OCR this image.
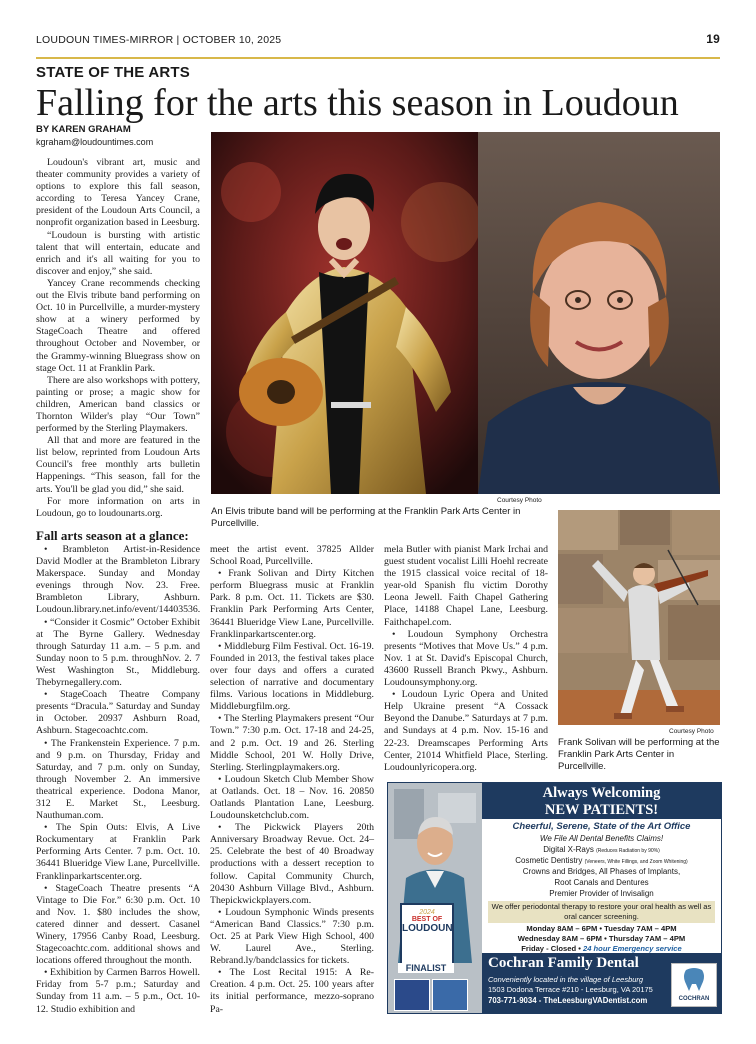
LOUDOUN TIMES-MIRROR | OCTOBER 10, 2025	19
STATE OF THE ARTS
Falling for the arts this season in Loudoun
BY KAREN GRAHAM
kgraham@loudountimes.com

Loudoun's vibrant art, music and theater community provides a variety of options to explore this fall season, according to Teresa Yancey Crane, president of the Loudoun Arts Council, a nonprofit organization based in Leesburg.

“Loudoun is bursting with artistic talent that will entertain, educate and enrich and it's all waiting for you to discover and enjoy,” she said.

Yancey Crane recommends checking out the Elvis tribute band performing on Oct. 10 in Purcellville, a murder-mystery show at a winery performed by StageCoach Theatre and offered throughout October and November, or the Grammy-winning Bluegrass show on stage Oct. 11 at Franklin Park.

There are also workshops with pottery, painting or prose; a magic show for children, American band classics or Thornton Wilder's play “Our Town” performed by the Sterling Playmakers.

All that and more are featured in the list below, reprinted from Loudoun Arts Council's free monthly arts bulletin Happenings. “This season, fall for the arts. You'll be glad you did,” she said.

For more information on arts in Loudoun, go to loudounarts.org.

Courtesy Photo
An Elvis tribute band will be performing at the Franklin Park Arts Center in Purcellville.
Fall arts season at a glance:

• Brambleton Artist-in-Residence David Modler at the Brambleton Library Makerspace. Sunday and Monday evenings through Nov. 23. Free. Brambleton Library, Ashburn. Loudoun.library.net.info/event/14403536.

• “Consider it Cosmic” October Exhibit at The Byrne Gallery. Wednesday through Saturday 11 a.m. – 5 p.m. and Sunday noon to 5 p.m. throughNov. 2. 7 West Washington St., Middleburg. Thebyrnegallery.com.

• StageCoach Theatre Company presents “Dracula.” Saturday and Sunday in October. 20937 Ashburn Road, Ashburn. Stagecoachtc.com.

• The Frankenstein Experience. 7 p.m. and 9 p.m. on Thursday, Friday and Saturday, and 7 p.m. only on Sunday, through November 2. An immersive theatrical experience. Dodona Manor, 312 E. Market St., Leesburg. Nauthuman.com.

• The Spin Outs: Elvis, A Live Rockumentary at Franklin Park Performing Arts Center. 7 p.m. Oct. 10. 36441 Blueridge View Lane, Purcellville. Franklinparkartscenter.org.

• StageCoach Theatre presents “A Vintage to Die For.” 6:30 p.m. Oct. 10 and Nov. 1. $80 includes the show, catered dinner and dessert. Casanel Winery, 17956 Canby Road, Leesburg. Stagecoachtc.com. additional shows and locations offered throughout the month.

• Exhibition by Carmen Barros Howell. Friday from 5-7 p.m.; Saturday and Sunday from 11 a.m. – 5 p.m., Oct. 10-12. Studio exhibition and

meet the artist event. 37825 Allder School Road, Purcellville.

• Frank Solivan and Dirty Kitchen perform Bluegrass music at Franklin Park. 8 p.m. Oct. 11. Tickets are $30. Franklin Park Performing Arts Center, 36441 Blueridge View Lane, Purcellville. Franklinparkartscenter.org.

• Middleburg Film Festival. Oct. 16-19. Founded in 2013, the festival takes place over four days and offers a curated selection of narrative and documentary films. Various locations in Middleburg. Middleburgfilm.org.

• The Sterling Playmakers present “Our Town.” 7:30 p.m. Oct. 17-18 and 24-25, and 2 p.m. Oct. 19 and 26. Sterling Middle School, 201 W. Holly Drive, Sterling. Sterlingplaymakers.org.

• Loudoun Sketch Club Member Show at Oatlands. Oct. 18 – Nov. 16. 20850 Oatlands Plantation Lane, Leesburg. Loudounsketchclub.com.

• The Pickwick Players 20th Anniversary Broadway Revue. Oct. 24–25. Celebrate the best of 40 Broadway productions with a dessert reception to follow. Capital Community Church, 20430 Ashburn Village Blvd., Ashburn. Thepickwickplayers.com.

• Loudoun Symphonic Winds presents “American Band Classics.” 7:30 p.m. Oct. 25 at Park View High School, 400 W. Laurel Ave., Sterling. Rebrand.ly/bandclassics for tickets.

• The Lost Recital 1915: A Re-Creation. 4 p.m. Oct. 25. 100 years after its initial performance, mezzo-soprano Pa-

mela Butler with pianist Mark Irchai and guest student vocalist Lilli Hoehl recreate the 1915 classical voice recital of 18-year-old Spanish flu victim Dorothy Leona Jewell. Faith Chapel Gathering Place, 14188 Chapel Lane, Leesburg. Faithchapel.com.

• Loudoun Symphony Orchestra presents “Motives that Move Us.” 4 p.m. Nov. 1 at St. David's Episcopal Church, 43600 Russell Branch Pkwy., Ashburn. Loudounsymphony.org.

• Loudoun Lyric Opera and United Help Ukraine present “A Cossack Beyond the Danube.” Saturdays at 7 p.m. and Sundays at 4 p.m. Nov. 15-16 and 22-23. Dreamscapes Performing Arts Center, 21014 Whitfield Place, Sterling. Loudounlyricopera.org.

Courtesy Photo
Frank Solivan will be performing at the Franklin Park Arts Center in Purcellville.
2024
BEST OF
LOUDOUN
FINALIST
Always Welcoming
NEW PATIENTS!
Cheerful, Serene, State of the Art Office
We File All Dental Benefits Claims!
Digital X-Rays (Reduces Radiation by 90%)
Cosmetic Dentistry (Veneers, White Fillings, and Zoom Whitening)
Crowns and Bridges, All Phases of Implants,
Root Canals and Dentures
Premier Provider of Invisalign
We offer periodontal therapy to restore your oral health as well as oral cancer screening.
Monday 8AM – 6PM • Tuesday 7AM – 4PM
Wednesday 8AM – 6PM • Thursday 7AM – 4PM
Friday - Closed • 24 hour Emergency service
Cochran Family Dental
Conveniently located in the village of Leesburg
1503 Dodona Terrace #210 - Leesburg, VA 20175
703-771-9034 - TheLeesburgVADentist.com	COCHRAN
